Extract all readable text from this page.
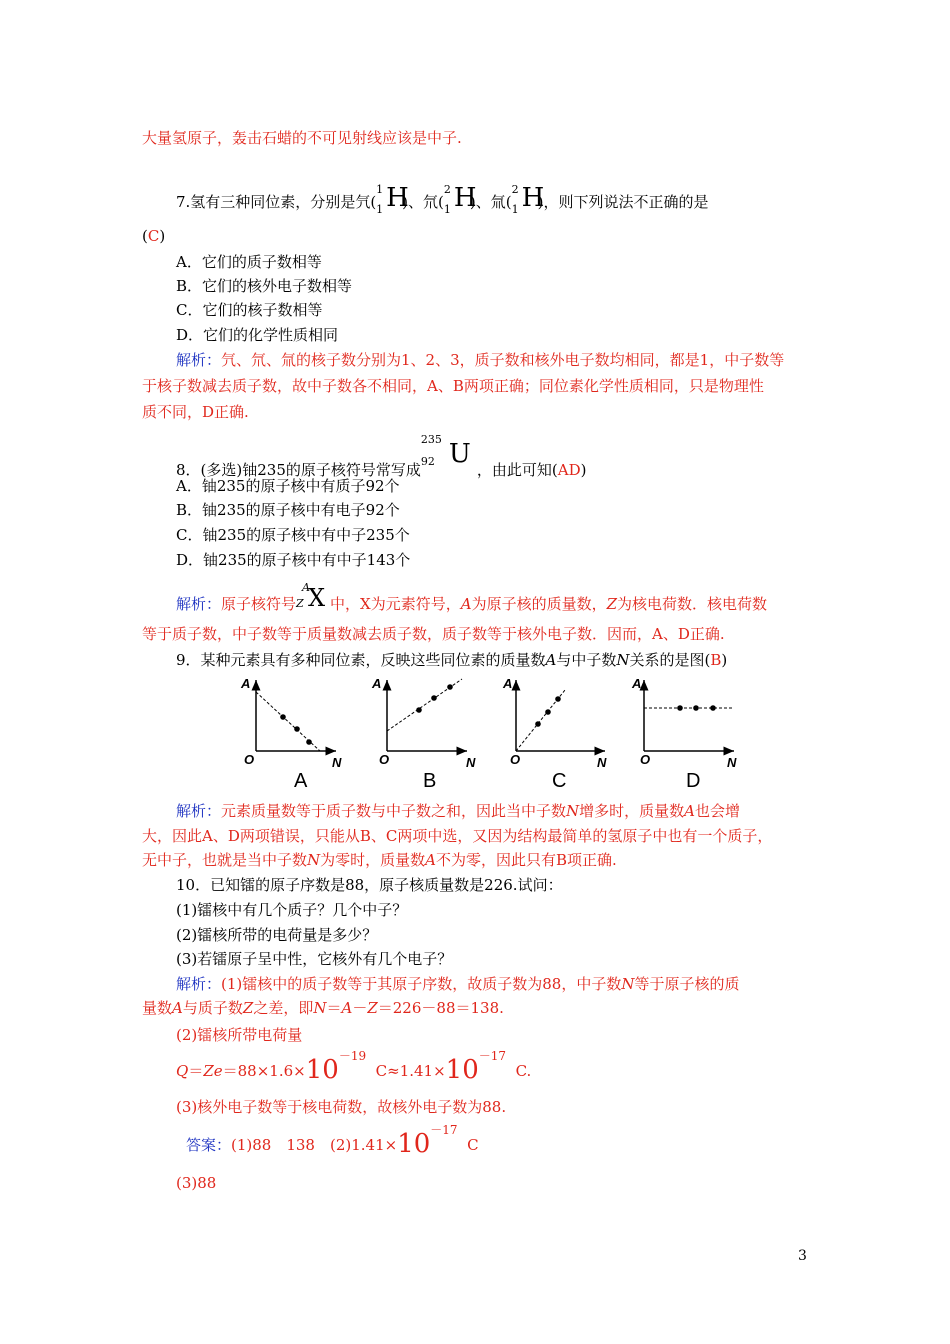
大量氢原子，轰击石蜡的不可见射线应该是中子.
7.氢有三种同位素，分别是氕(
1
1 H)、氘(
2
1 H)、氚(
2
1 H)，则下列说法不正确的是
(C)
A．它们的质子数相等
B．它们的核外电子数相等
C．它们的核子数相等
D．它们的化学性质相同
解析：氕、氘、氚的核子数分别为1、2、3，质子数和核外电子数均相同，都是1，中子数等
于核子数减去质子数，故中子数各不相同，A、B两项正确；同位素化学性质相同，只是物理性
质不同，D正确.
8．(多选)铀235的原子核符号常写成
235
92 U，由此可知(AD)
A．铀235的原子核中有质子92个
B．铀235的原子核中有电子92个
C．铀235的原子核中有中子235个
D．铀235的原子核中有中子143个
解析：原子核符号
A
Z X 中，X为元素符号，A为原子核的质量数，Z为核电荷数．核电荷数
等于质子数，中子数等于质量数减去质子数，质子数等于核外电子数．因而，A、D正确.
9．某种元素具有多种同位素，反映这些同位素的质量数A与中子数N关系的是图(B)
A
N
O
A
N
O
A
N
O
A
N
O
A	B	C	D
解析：元素质量数等于质子数与中子数之和，因此当中子数N增多时，质量数A也会增
大，因此A、D两项错误，只能从B、C两项中选，又因为结构最简单的氢原子中也有一个质子，
无中子，也就是当中子数N为零时，质量数A不为零，因此只有B项正确.
10．已知镭的原子序数是88，原子核质量数是226.试问：
(1)镭核中有几个质子？几个中子？
(2)镭核所带的电荷量是多少？
(3)若镭原子呈中性，它核外有几个电子？
解析：(1)镭核中的质子数等于其原子序数，故质子数为88，中子数N等于原子核的质
量数A与质子数Z之差，即N＝A－Z＝226－88＝138.
(2)镭核所带电荷量
$Q=Ze=88\times 1.6\times 10^{-19}$  $C\approx 1.41\times 10^{-17}$  C.
(3)核外电子数等于核电荷数，故核外电子数为88.
答案：(1)88　138　$(2)1.41\times 10^{-17}$  C
(3)88
3
